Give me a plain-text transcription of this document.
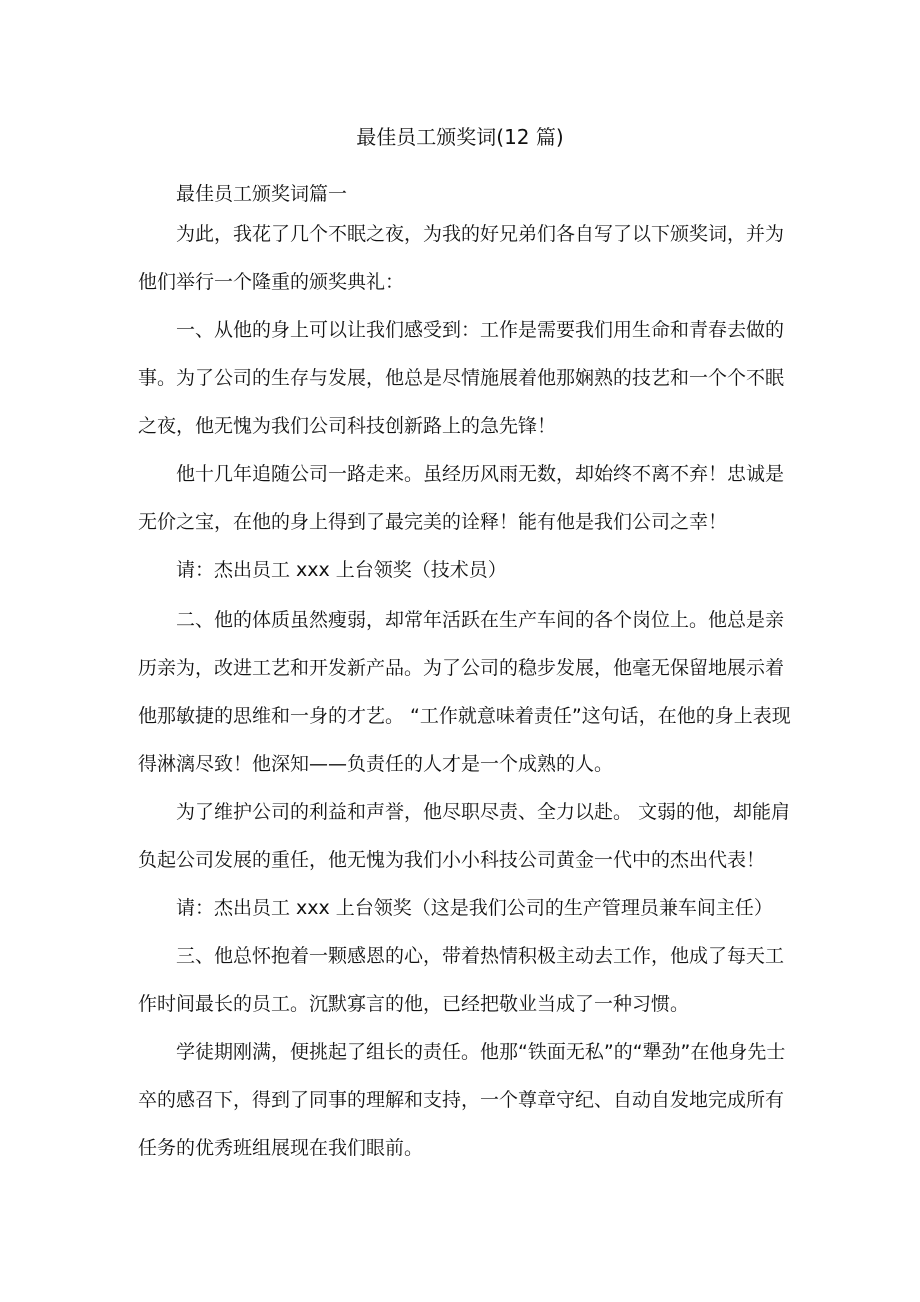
最佳员工颁奖词(12 篇)

最佳员工颁奖词篇一

为此，我花了几个不眠之夜，为我的好兄弟们各自写了以下颁奖词，并为他们举行一个隆重的颁奖典礼：

一、从他的身上可以让我们感受到：工作是需要我们用生命和青春去做的事。为了公司的生存与发展，他总是尽情施展着他那娴熟的技艺和一个个不眠之夜，他无愧为我们公司科技创新路上的急先锋！

他十几年追随公司一路走来。虽经历风雨无数，却始终不离不弃！忠诚是无价之宝，在他的身上得到了最完美的诠释！能有他是我们公司之幸！

请：杰出员工 xxx 上台领奖（技术员）

二、他的体质虽然瘦弱，却常年活跃在生产车间的各个岗位上。他总是亲历亲为，改进工艺和开发新产品。为了公司的稳步发展，他毫无保留地展示着他那敏捷的思维和一身的才艺。 “工作就意味着责任”这句话，在他的身上表现得淋漓尽致！他深知——负责任的人才是一个成熟的人。

为了维护公司的利益和声誉，他尽职尽责、全力以赴。 文弱的他，却能肩负起公司发展的重任，他无愧为我们小小科技公司黄金一代中的杰出代表！

请：杰出员工 xxx 上台领奖（这是我们公司的生产管理员兼车间主任）

三、他总怀抱着一颗感恩的心，带着热情积极主动去工作，他成了每天工作时间最长的员工。沉默寡言的他，已经把敬业当成了一种习惯。

学徒期刚满，便挑起了组长的责任。他那“铁面无私”的“犟劲”在他身先士卒的感召下，得到了同事的理解和支持，一个尊章守纪、自动自发地完成所有任务的优秀班组展现在我们眼前。
